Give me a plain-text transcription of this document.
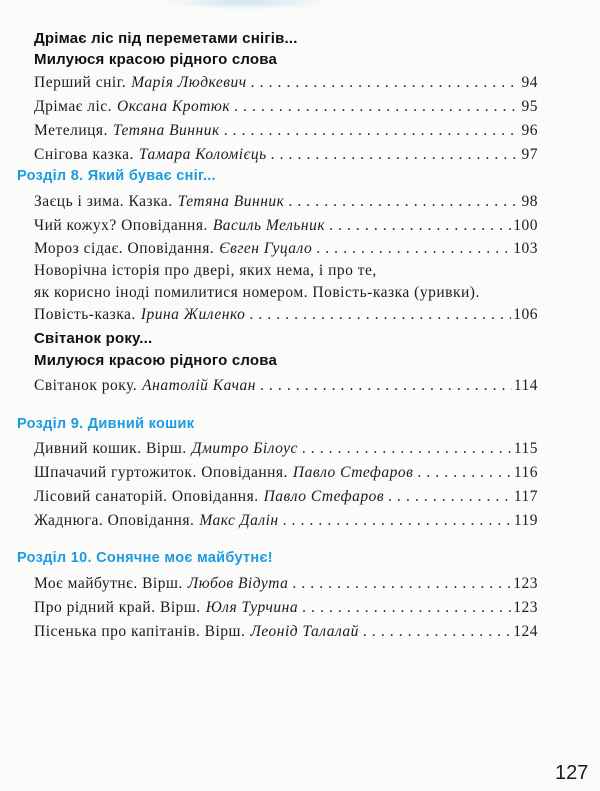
Дрімає ліс під переметами снігів...
Милуюся красою рідного слова
Перший сніг. Марія Людкевич . . .	94
Дрімає ліс. Оксана Кротюк . . .	95
Метелиця. Тетяна Винник . . .	96
Снігова казка. Тамара Коломієць . . .	97
Розділ 8. Який буває сніг...
Заєць і зима. Казка. Тетяна Винник . . .	98
Чий кожух? Оповідання. Василь Мельник . . .	100
Мороз сідає. Оповідання. Євген Гуцало . . .	103
Новорічна історія про двері, яких нема, і про те,
як корисно іноді помилитися номером. Повість-казка (уривки).
Повість-казка. Ірина Жиленко . . .	106
Світанок року...
Милуюся красою рідного слова
Світанок року. Анатолій Качан . . .	114
Розділ 9. Дивний кошик
Дивний кошик. Вірш. Дмитро Білоус . . .	115
Шпачачий гуртожиток. Оповідання. Павло Стефаров . . .	116
Лісовий санаторій. Оповідання. Павло Стефаров . . .	117
Жаднюга. Оповідання. Макс Далін . . .	119
Розділ 10. Сонячне моє майбутнє!
Моє майбутнє. Вірш. Любов Відута . . .	123
Про рідний край. Вірш. Юля Турчина . . .	123
Пісенька про капітанів. Вірш. Леонід Талалай . . .	124
127
